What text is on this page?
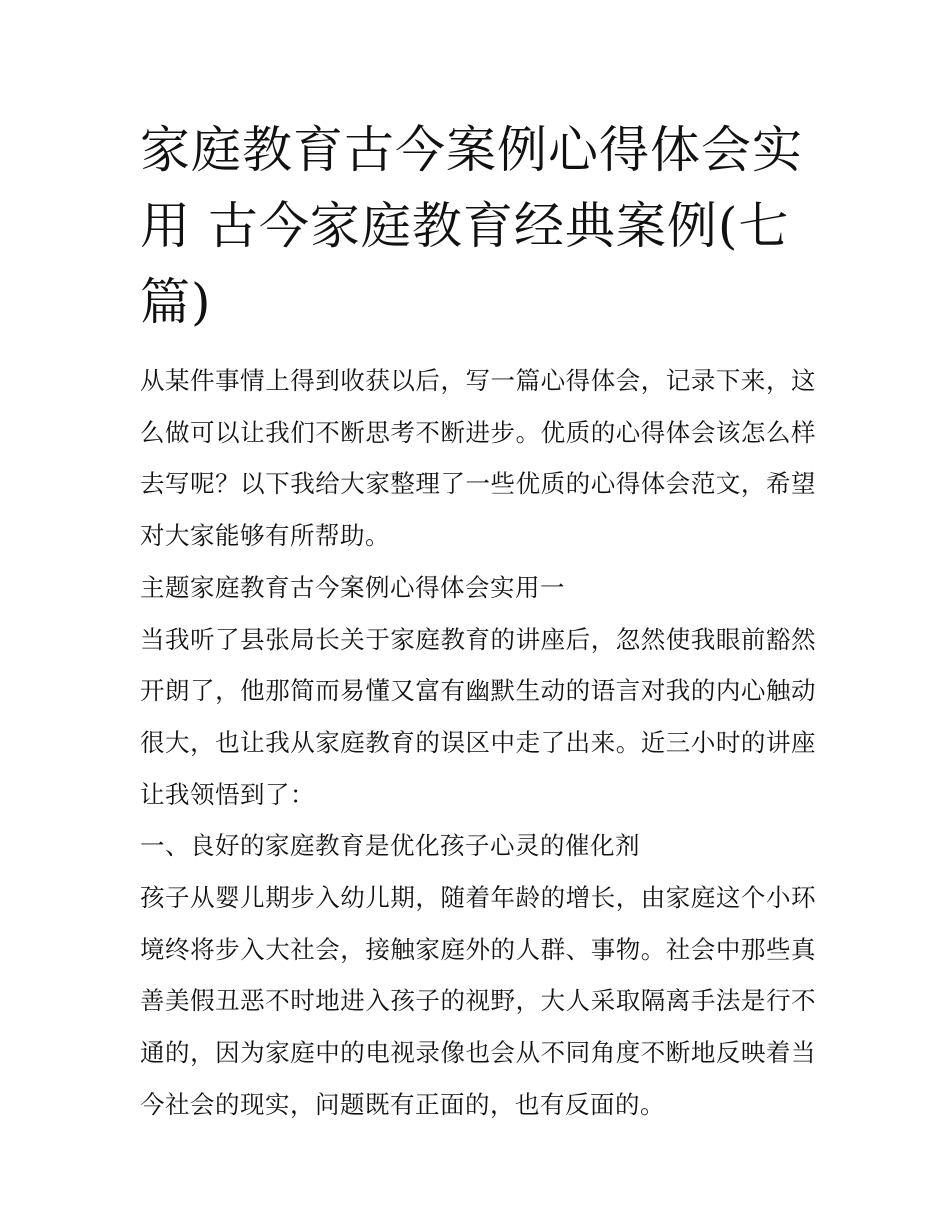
家庭教育古今案例心得体会实用 古今家庭教育经典案例(七篇)

从某件事情上得到收获以后，写一篇心得体会，记录下来，这么做可以让我们不断思考不断进步。优质的心得体会该怎么样去写呢？以下我给大家整理了一些优质的心得体会范文，希望对大家能够有所帮助。

主题家庭教育古今案例心得体会实用一

当我听了县张局长关于家庭教育的讲座后，忽然使我眼前豁然开朗了，他那简而易懂又富有幽默生动的语言对我的内心触动很大，也让我从家庭教育的误区中走了出来。近三小时的讲座让我领悟到了：

一、良好的家庭教育是优化孩子心灵的催化剂

孩子从婴儿期步入幼儿期，随着年龄的增长，由家庭这个小环境终将步入大社会，接触家庭外的人群、事物。社会中那些真善美假丑恶不时地进入孩子的视野，大人采取隔离手法是行不通的，因为家庭中的电视录像也会从不同角度不断地反映着当今社会的现实，问题既有正面的，也有反面的。
